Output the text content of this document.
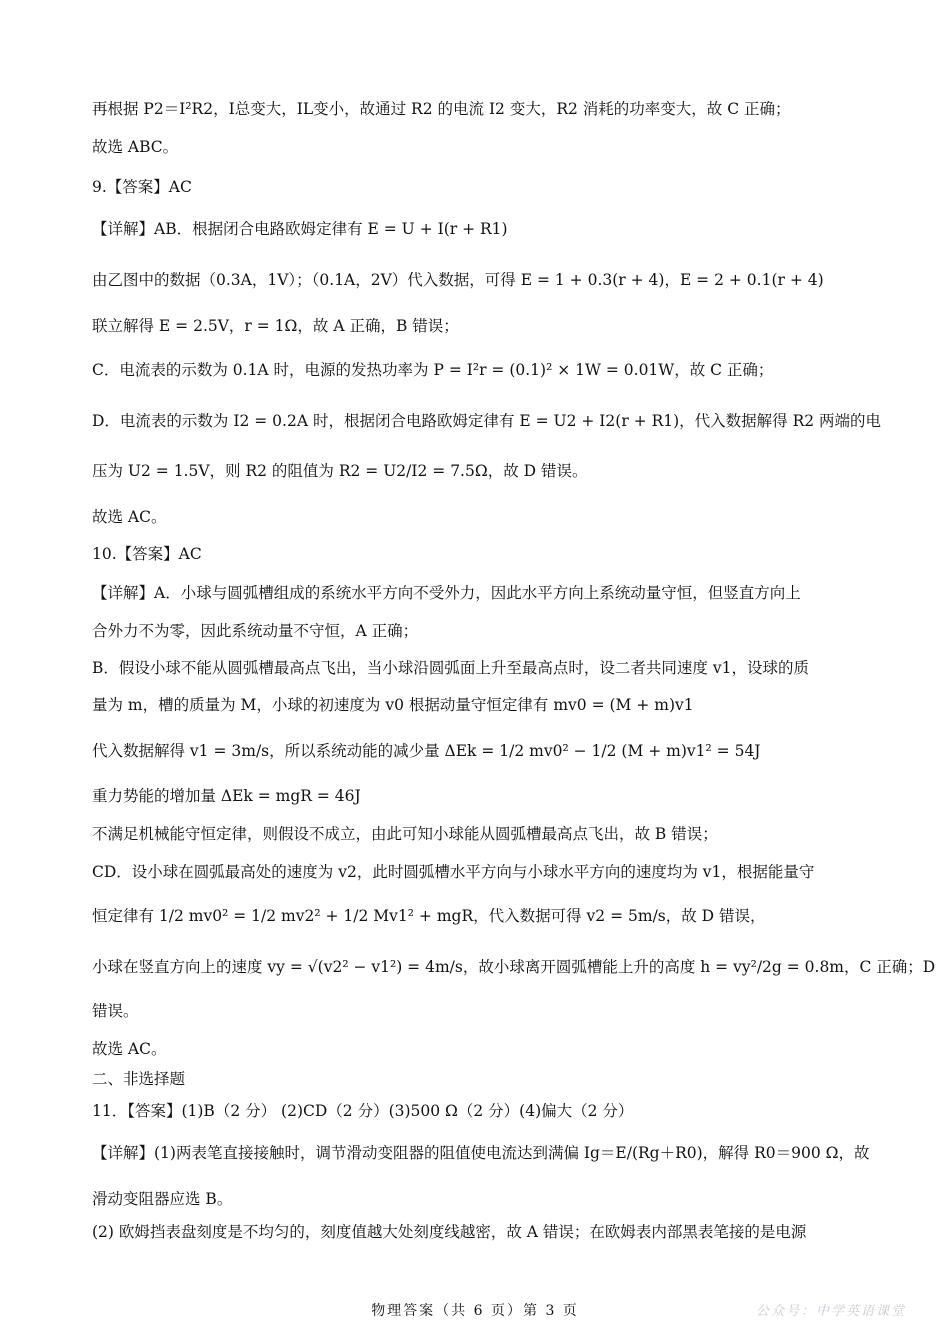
再根据 P2＝I²R2，I总变大，IL变小，故通过 R2 的电流 I2 变大，R2 消耗的功率变大，故 C 正确；
故选 ABC。
9.【答案】AC
【详解】AB．根据闭合电路欧姆定律有 E = U + I(r + R1)
由乙图中的数据（0.3A，1V）；（0.1A，2V）代入数据，可得 E = 1 + 0.3(r + 4)，E = 2 + 0.1(r + 4)
联立解得 E = 2.5V，r = 1Ω，故 A 正确，B 错误；
C．电流表的示数为 0.1A 时，电源的发热功率为 P = I²r = (0.1)² × 1W = 0.01W，故 C 正确；
D．电流表的示数为 I2 = 0.2A 时，根据闭合电路欧姆定律有 E = U2 + I2(r + R1)，代入数据解得 R2 两端的电
压为 U2 = 1.5V，则 R2 的阻值为 R2 = U2/I2 = 7.5Ω，故 D 错误。
故选 AC。
10.【答案】AC
【详解】A．小球与圆弧槽组成的系统水平方向不受外力，因此水平方向上系统动量守恒，但竖直方向上
合外力不为零，因此系统动量不守恒，A 正确；
B．假设小球不能从圆弧槽最高点飞出，当小球沿圆弧面上升至最高点时，设二者共同速度 v1，设球的质
量为 m，槽的质量为 M，小球的初速度为 v0 根据动量守恒定律有 mv0 = (M + m)v1
代入数据解得 v1 = 3m/s，所以系统动能的减少量 ΔEk = 1/2 mv0² − 1/2 (M + m)v1² = 54J
重力势能的增加量 ΔEk = mgR = 46J
不满足机械能守恒定律，则假设不成立，由此可知小球能从圆弧槽最高点飞出，故 B 错误；
CD．设小球在圆弧最高处的速度为 v2，此时圆弧槽水平方向与小球水平方向的速度均为 v1，根据能量守
恒定律有 1/2 mv0² = 1/2 mv2² + 1/2 Mv1² + mgR，代入数据可得 v2 = 5m/s，故 D 错误，
小球在竖直方向上的速度 vy = √(v2² − v1²) = 4m/s，故小球离开圆弧槽能上升的高度 h = vy²/2g = 0.8m，C 正确；D
错误。
故选 AC。
二、非选择题
11．【答案】(1)B（2 分） (2)CD（2 分）(3)500 Ω（2 分）(4)偏大（2 分）
【详解】(1)两表笔直接接触时，调节滑动变阻器的阻值使电流达到满偏 Ig＝E/(Rg＋R0)，解得 R0＝900 Ω，故
滑动变阻器应选 B。
(2) 欧姆挡表盘刻度是不均匀的，刻度值越大处刻度线越密，故 A 错误；在欧姆表内部黑表笔接的是电源
物理答案（共 6 页）第 3 页	公众号：中学英语课堂
